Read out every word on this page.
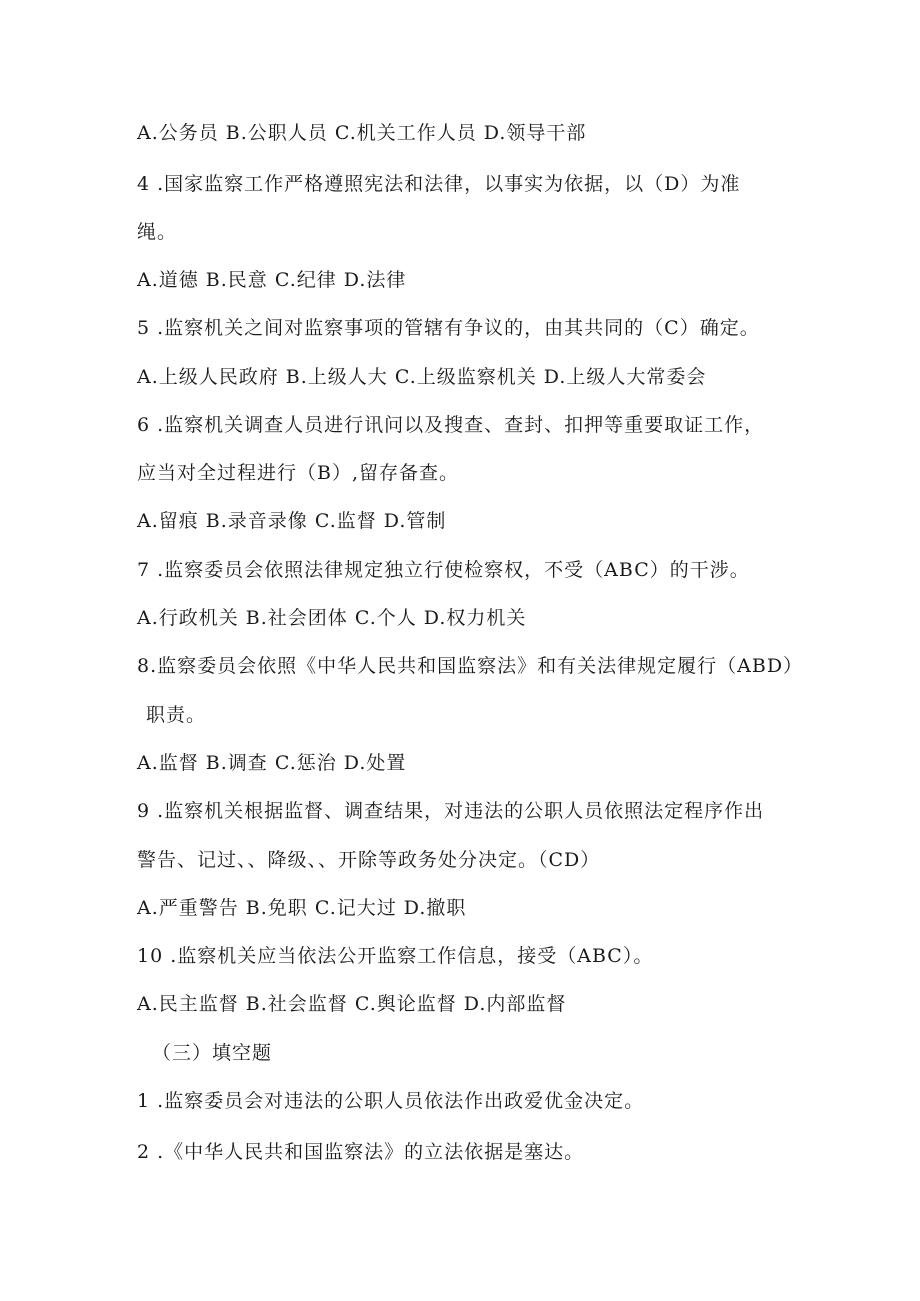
A.公务员 B.公职人员 C.机关工作人员 D.领导干部
4 .国家监察工作严格遵照宪法和法律，以事实为依据，以（D）为准
绳。
A.道德 B.民意 C.纪律 D.法律
5 .监察机关之间对监察事项的管辖有争议的，由其共同的（C）确定。
A.上级人民政府 B.上级人大 C.上级监察机关 D.上级人大常委会
6 .监察机关调查人员进行讯问以及搜查、查封、扣押等重要取证工作，
应当对全过程进行（B）,留存备查。
A.留痕 B.录音录像 C.监督 D.管制
7 .监察委员会依照法律规定独立行使检察权，不受（ABC）的干涉。
A.行政机关 B.社会团体 C.个人 D.权力机关
8.监察委员会依照《中华人民共和国监察法》和有关法律规定履行（ABD）
职责。
A.监督 B.调查 C.惩治 D.处置
9 .监察机关根据监督、调查结果，对违法的公职人员依照法定程序作出
警告、记过、、降级、、开除等政务处分决定。（CD）
A.严重警告 B.免职 C.记大过 D.撤职
10 .监察机关应当依法公开监察工作信息，接受（ABC）。
A.民主监督 B.社会监督 C.舆论监督 D.内部监督
（三）填空题
1 .监察委员会对违法的公职人员依法作出政爱优金决定。
2 .《中华人民共和国监察法》的立法依据是塞达。
